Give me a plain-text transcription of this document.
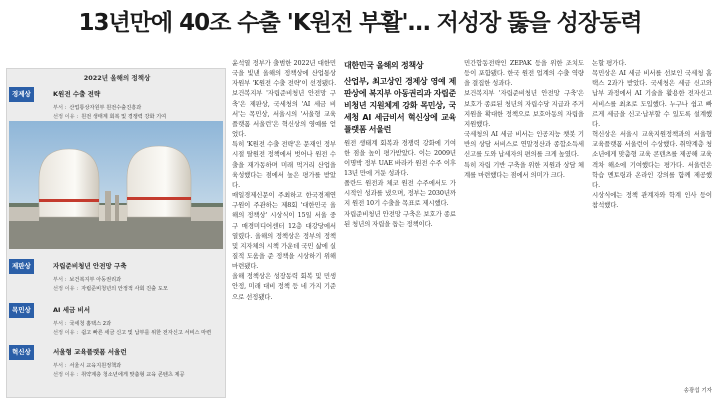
13년만에 40조 수출 'K원전 부활'… 저성장 뚫을 성장동력
2022년 올해의 정책상
경제상	K원전 수출 전략
부서 : 산업통상자원부 원전수출진흥과
선정 이유 : 원전 생태계 회복 및 경쟁력 강화 기여
제판상	자립준비청년 안전망 구축
부서 : 보건복지부 아동권리과
선정 이유 : 자립준비청년의 안정적 사회 진출 도모
목민상	AI 세금 비서
부서 : 국세청 홈택스 2과
선정 이유 : 쉽고 빠른 세금 신고 및 납부를 위한 전자신고 서비스 마련
혁신상	서울형 교육플랫폼 서울런
부서 : 서울시 교육지원정책과
선정 이유 : 취약계층 청소년에게 맞춤형 교육 콘텐츠 제공

윤석열 정부가 출범한 2022년 대한민국을 빛낸 올해의 정책상에 산업통상자원부 'K원전 수출 전략'이 선정됐다. 보건복지부 '자립준비청년 안전망 구축'은 제판상, 국세청의 'AI 세금 비서'는 목민상, 서울시의 '서울형 교육플랫폼 서울런'은 혁신상의 영예를 얻었다.

특히 'K원전 수출 전략'은 문재인 정부 시절 탈원전 정책에서 벗어나 원전 수출을 재가동하며 미래 먹거리 산업을 육성했다는 점에서 높은 평가를 받았다.

매일경제신문이 주최하고 한국경제연구원이 주관하는 제8회 '대한민국 올해의 정책상' 시상식이 15일 서울 중구 매경미디어센터 12층 대강당에서 열렸다. 올해의 정책상은 정부의 정책 및 지자체의 시책 가운데 국민 삶에 실질적 도움을 준 정책을 시상하기 위해 마련됐다.

올해 정책상은 성장동력 회복 및 민생 안정, 미래 대비 정책 등 네 가지 기준으로 선정됐다.

대한민국 올해의 정책상
산업부, 최고상인 경제상 영예 제판상에 복지부 아동권리과 자립준비청년 지원체계 강화 목민상, 국세청 AI 세금비서 혁신상에 교육플랫폼 서울런

원전 생태계 회복과 경쟁력 강화에 기여한 점을 높이 평가받았다. 이는 2009년 이명박 정부 UAE 바라카 원전 수주 이후 13년 만에 거둔 성과다.

폴란드 원전과 체코 원전 수주에서도 가시적인 성과를 냈으며, 정부는 2030년까지 원전 10기 수출을 목표로 제시했다.

자립준비청년 안전망 구축은 보호가 종료된 청년의 자립을 돕는 정책이다.

민간합동전략인 ZEPAK 등을 위한 조치도 등이 포함됐다. 한국 원전 업계의 수출 역량을 결집한 성과다.

보건복지부 '자립준비청년 안전망 구축'은 보호가 종료된 청년의 자립수당 지급과 주거 지원을 확대한 정책으로 보호아동의 자립을 지원했다.

국세청의 AI 세금 비서는 인공지능 챗봇 기반의 상담 서비스로 연말정산과 종합소득세 신고를 도와 납세자의 편의를 크게 높였다.

특히 자립 기반 구축을 위한 지원과 상담 체계를 마련했다는 점에서 의미가 크다.

논할 평가다.

목민상은 AI 세금 비서를 선보인 국세청 홈택스 2과가 받았다. 국세청은 세금 신고와 납부 과정에서 AI 기술을 활용한 전자신고 서비스를 최초로 도입했다. 누구나 쉽고 빠르게 세금을 신고·납부할 수 있도록 설계했다.

혁신상은 서울시 교육지원정책과의 서울형 교육플랫폼 서울런이 수상했다. 취약계층 청소년에게 맞춤형 교육 콘텐츠를 제공해 교육 격차 해소에 기여했다는 평가다. 서울런은 학습 멘토링과 온라인 강의를 함께 제공했다.

시상식에는 정책 관계자와 학계 인사 등이 참석했다.

송광섭 기자
